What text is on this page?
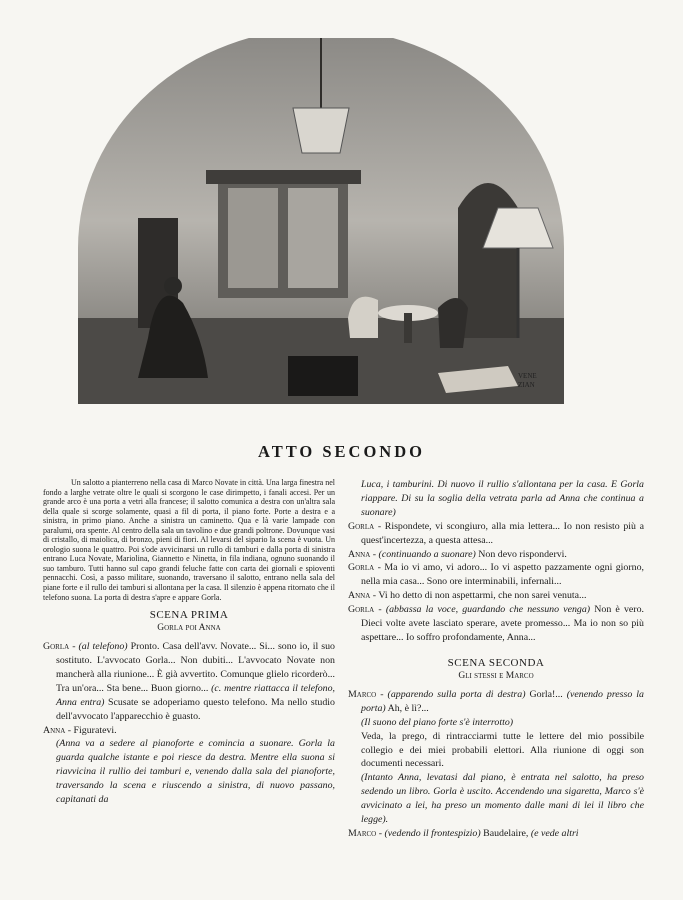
VENE
ZIAN
ATTO SECONDO

Un salotto a pianterreno nella casa di Marco Novate in città. Una larga finestra nel fondo a larghe vetrate oltre le quali si scorgono le case dirimpetto, i fanali accesi. Per un grande arco è una porta a vetri alla francese; il salotto comunica a destra con un'altra sala della quale si scorge solamente, quasi a fil di porta, il piano forte. Porte a destra e a sinistra, in primo piano. Anche a sinistra un caminetto. Qua e là varie lampade con paralumi, ora spente. Al centro della sala un tavolino e due grandi poltrone. Dovunque vasi di cristallo, di maiolica, di bronzo, pieni di fiori. Al levarsi del sipario la scena è vuota. Un orologio suona le quattro. Poi s'ode avvicinarsi un rullo di tamburi e dalla porta di sinistra entrano Luca Novate, Mariolina, Giannetto e Ninetta, in fila indiana, ognuno suonando il suo tamburo. Tutti hanno sul capo grandi feluche fatte con carta dei giornali e spioventi pennacchi. Così, a passo militare, suonando, traversano il salotto, entrano nella sala del piane forte e il rullo dei tamburi si allontana per la casa. Il silenzio è appena ritornato che il telefono suona. La porta di destra s'apre e appare Gorla.

SCENA PRIMA
Gorla poi Anna

Gorla - (al telefono) Pronto. Casa dell'avv. Novate... Si... sono io, il suo sostituto. L'avvocato Gorla... Non dubiti... L'avvocato Novate non mancherà alla riunione... È già avvertito. Comunque glielo ricorderò... Tra un'ora... Sta bene... Buon giorno... (c. mentre riattacca il telefono, Anna entra) Scusate se adoperiamo questo telefono. Ma nello studio dell'avvocato l'apparecchio è guasto.

Anna - Figuratevi.

(Anna va a sedere al pianoforte e comincia a suonare. Gorla la guarda qualche istante e poi riesce da destra. Mentre ella suona si riavvicina il rullio dei tamburi e, venendo dalla sala del pianoforte, traversando la scena e riuscendo a sinistra, di nuovo passano, capitanati da

Luca, i tamburini. Di nuovo il rullio s'allontana per la casa. E Gorla riappare. Di su la soglia della vetrata parla ad Anna che continua a suonare)

Gorla - Rispondete, vi scongiuro, alla mia lettera... Io non resisto più a quest'incertezza, a questa attesa...

Anna - (continuando a suonare) Non devo rispondervi.

Gorla - Ma io vi amo, vi adoro... Io vi aspetto pazzamente ogni giorno, nella mia casa... Sono ore interminabili, infernali...

Anna - Vi ho detto di non aspettarmi, che non sarei venuta...

Gorla - (abbassa la voce, guardando che nessuno venga) Non è vero. Dieci volte avete lasciato sperare, avete promesso... Ma io non so più aspettare... Io soffro profondamente, Anna...

SCENA SECONDA
Gli stessi e Marco

Marco - (apparendo sulla porta di destra) Gorla!... (venendo presso la porta) Ah, è lì?...

(Il suono del piano forte s'è interrotto)

Veda, la prego, di rintracciarmi tutte le lettere del mio possibile collegio e dei miei probabili elettori. Alla riunione di oggi son documenti necessari.

(Intanto Anna, levatasi dal piano, è entrata nel salotto, ha preso sedendo un libro. Gorla è uscito. Accendendo una sigaretta, Marco s'è avvicinato a lei, ha preso un momento dalle mani di lei il libro che legge).

Marco - (vedendo il frontespizio) Baudelaire, (e vede altri
